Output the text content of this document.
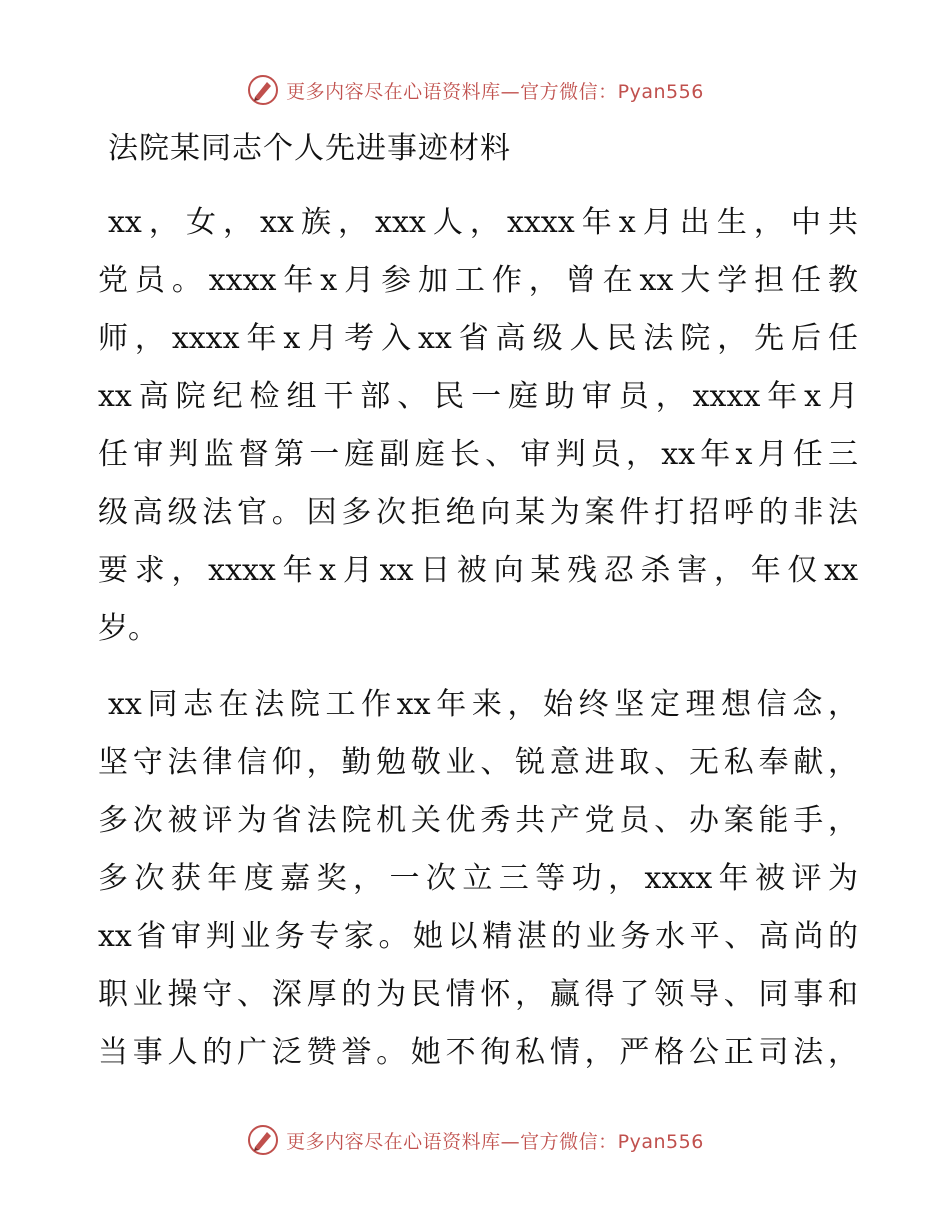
更多内容尽在心语资料库—官方微信：Pyan556
法院某同志个人先进事迹材料
xx，女，xx族，xxx人，xxxx年x月出生，中共
党员。xxxx年x月参加工作，曾在xx大学担任教
师，xxxx年x月考入xx省高级人民法院，先后任
xx高院纪检组干部、民一庭助审员，xxxx年x月
任审判监督第一庭副庭长、审判员，xx年x月任三
级高级法官。因多次拒绝向某为案件打招呼的非法
要求，xxxx年x月xx日被向某残忍杀害，年仅xx
岁。
xx同志在法院工作xx年来，始终坚定理想信念，
坚守法律信仰，勤勉敬业、锐意进取、无私奉献，
多次被评为省法院机关优秀共产党员、办案能手，
多次获年度嘉奖，一次立三等功，xxxx年被评为
xx省审判业务专家。她以精湛的业务水平、高尚的
职业操守、深厚的为民情怀，赢得了领导、同事和
当事人的广泛赞誉。她不徇私情，严格公正司法，
更多内容尽在心语资料库—官方微信：Pyan556
